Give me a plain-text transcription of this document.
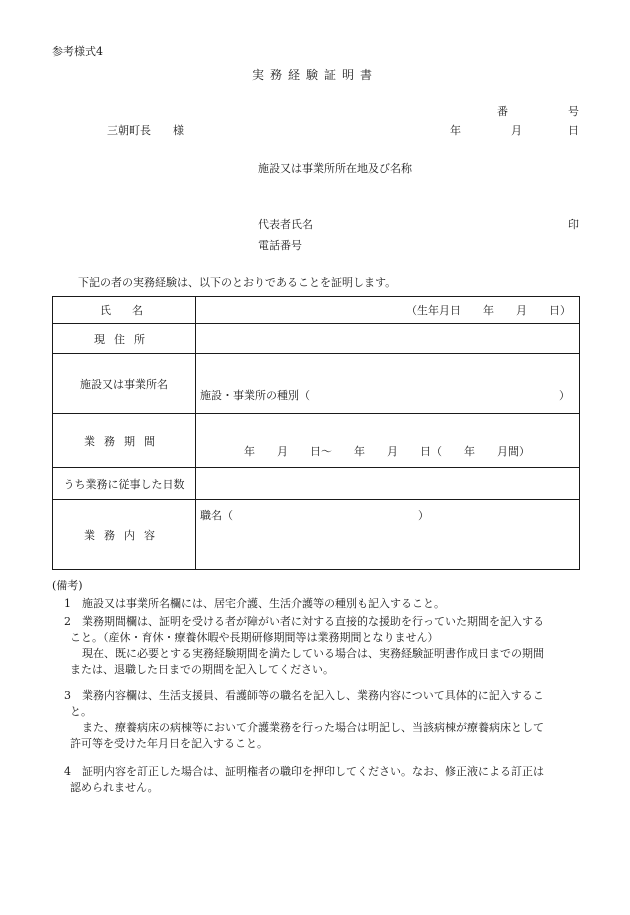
参考様式4
実務経験証明書
番	号
三朝町長 様	年	月	日
施設又は事業所所在地及び名称
代表者氏名	印
電話番号
下記の者の実務経験は、以下のとおりであることを証明します。
氏　名	（生年月日　　年　　月　　日）

現住所	
施設又は事業所名	施設・事業所の種別（ ）

業務期間	年　　月　　日～　　年　　月　　日（　　年　　月間）

うち業務に従事した日数	
業務内容	職名（ ）
(備考)
1 施設又は事業所名欄には、居宅介護、生活介護等の種別も記入すること。
2 業務期間欄は、証明を受ける者が障がい者に対する直接的な援助を行っていた期間を記入する
こと。（産休・育休・療養休暇や長期研修期間等は業務期間となりません）
現在、既に必要とする実務経験期間を満たしている場合は、実務経験証明書作成日までの期間
または、退職した日までの期間を記入してください。
3 業務内容欄は、生活支援員、看護師等の職名を記入し、業務内容について具体的に記入するこ
と。
また、療養病床の病棟等において介護業務を行った場合は明記し、当該病棟が療養病床として
許可等を受けた年月日を記入すること。
4 証明内容を訂正した場合は、証明権者の職印を押印してください。なお、修正液による訂正は
認められません。
